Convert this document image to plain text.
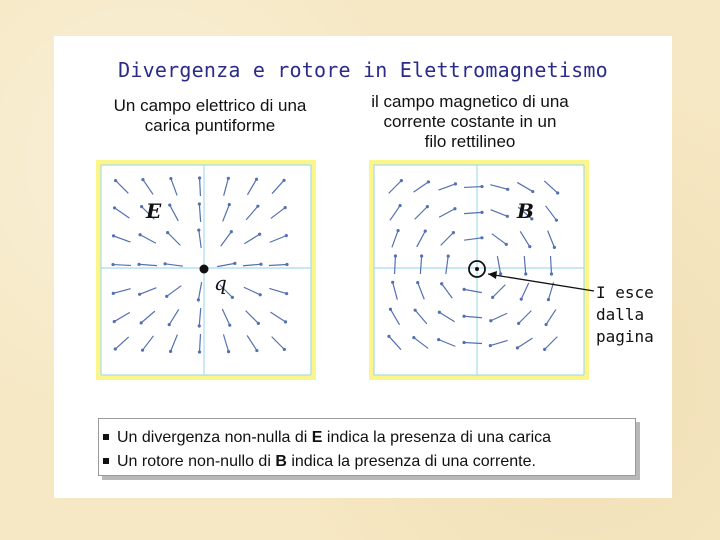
Divergenza e rotore in Elettromagnetismo
Un campo elettrico di una
carica puntiforme
il campo magnetico di una
corrente costante in un
filo rettilineo
E
q
B
I esce
dalla
pagina
Un divergenza non-nulla di E indica la presenza di una carica
Un rotore non-nullo di B indica la presenza di una corrente.
